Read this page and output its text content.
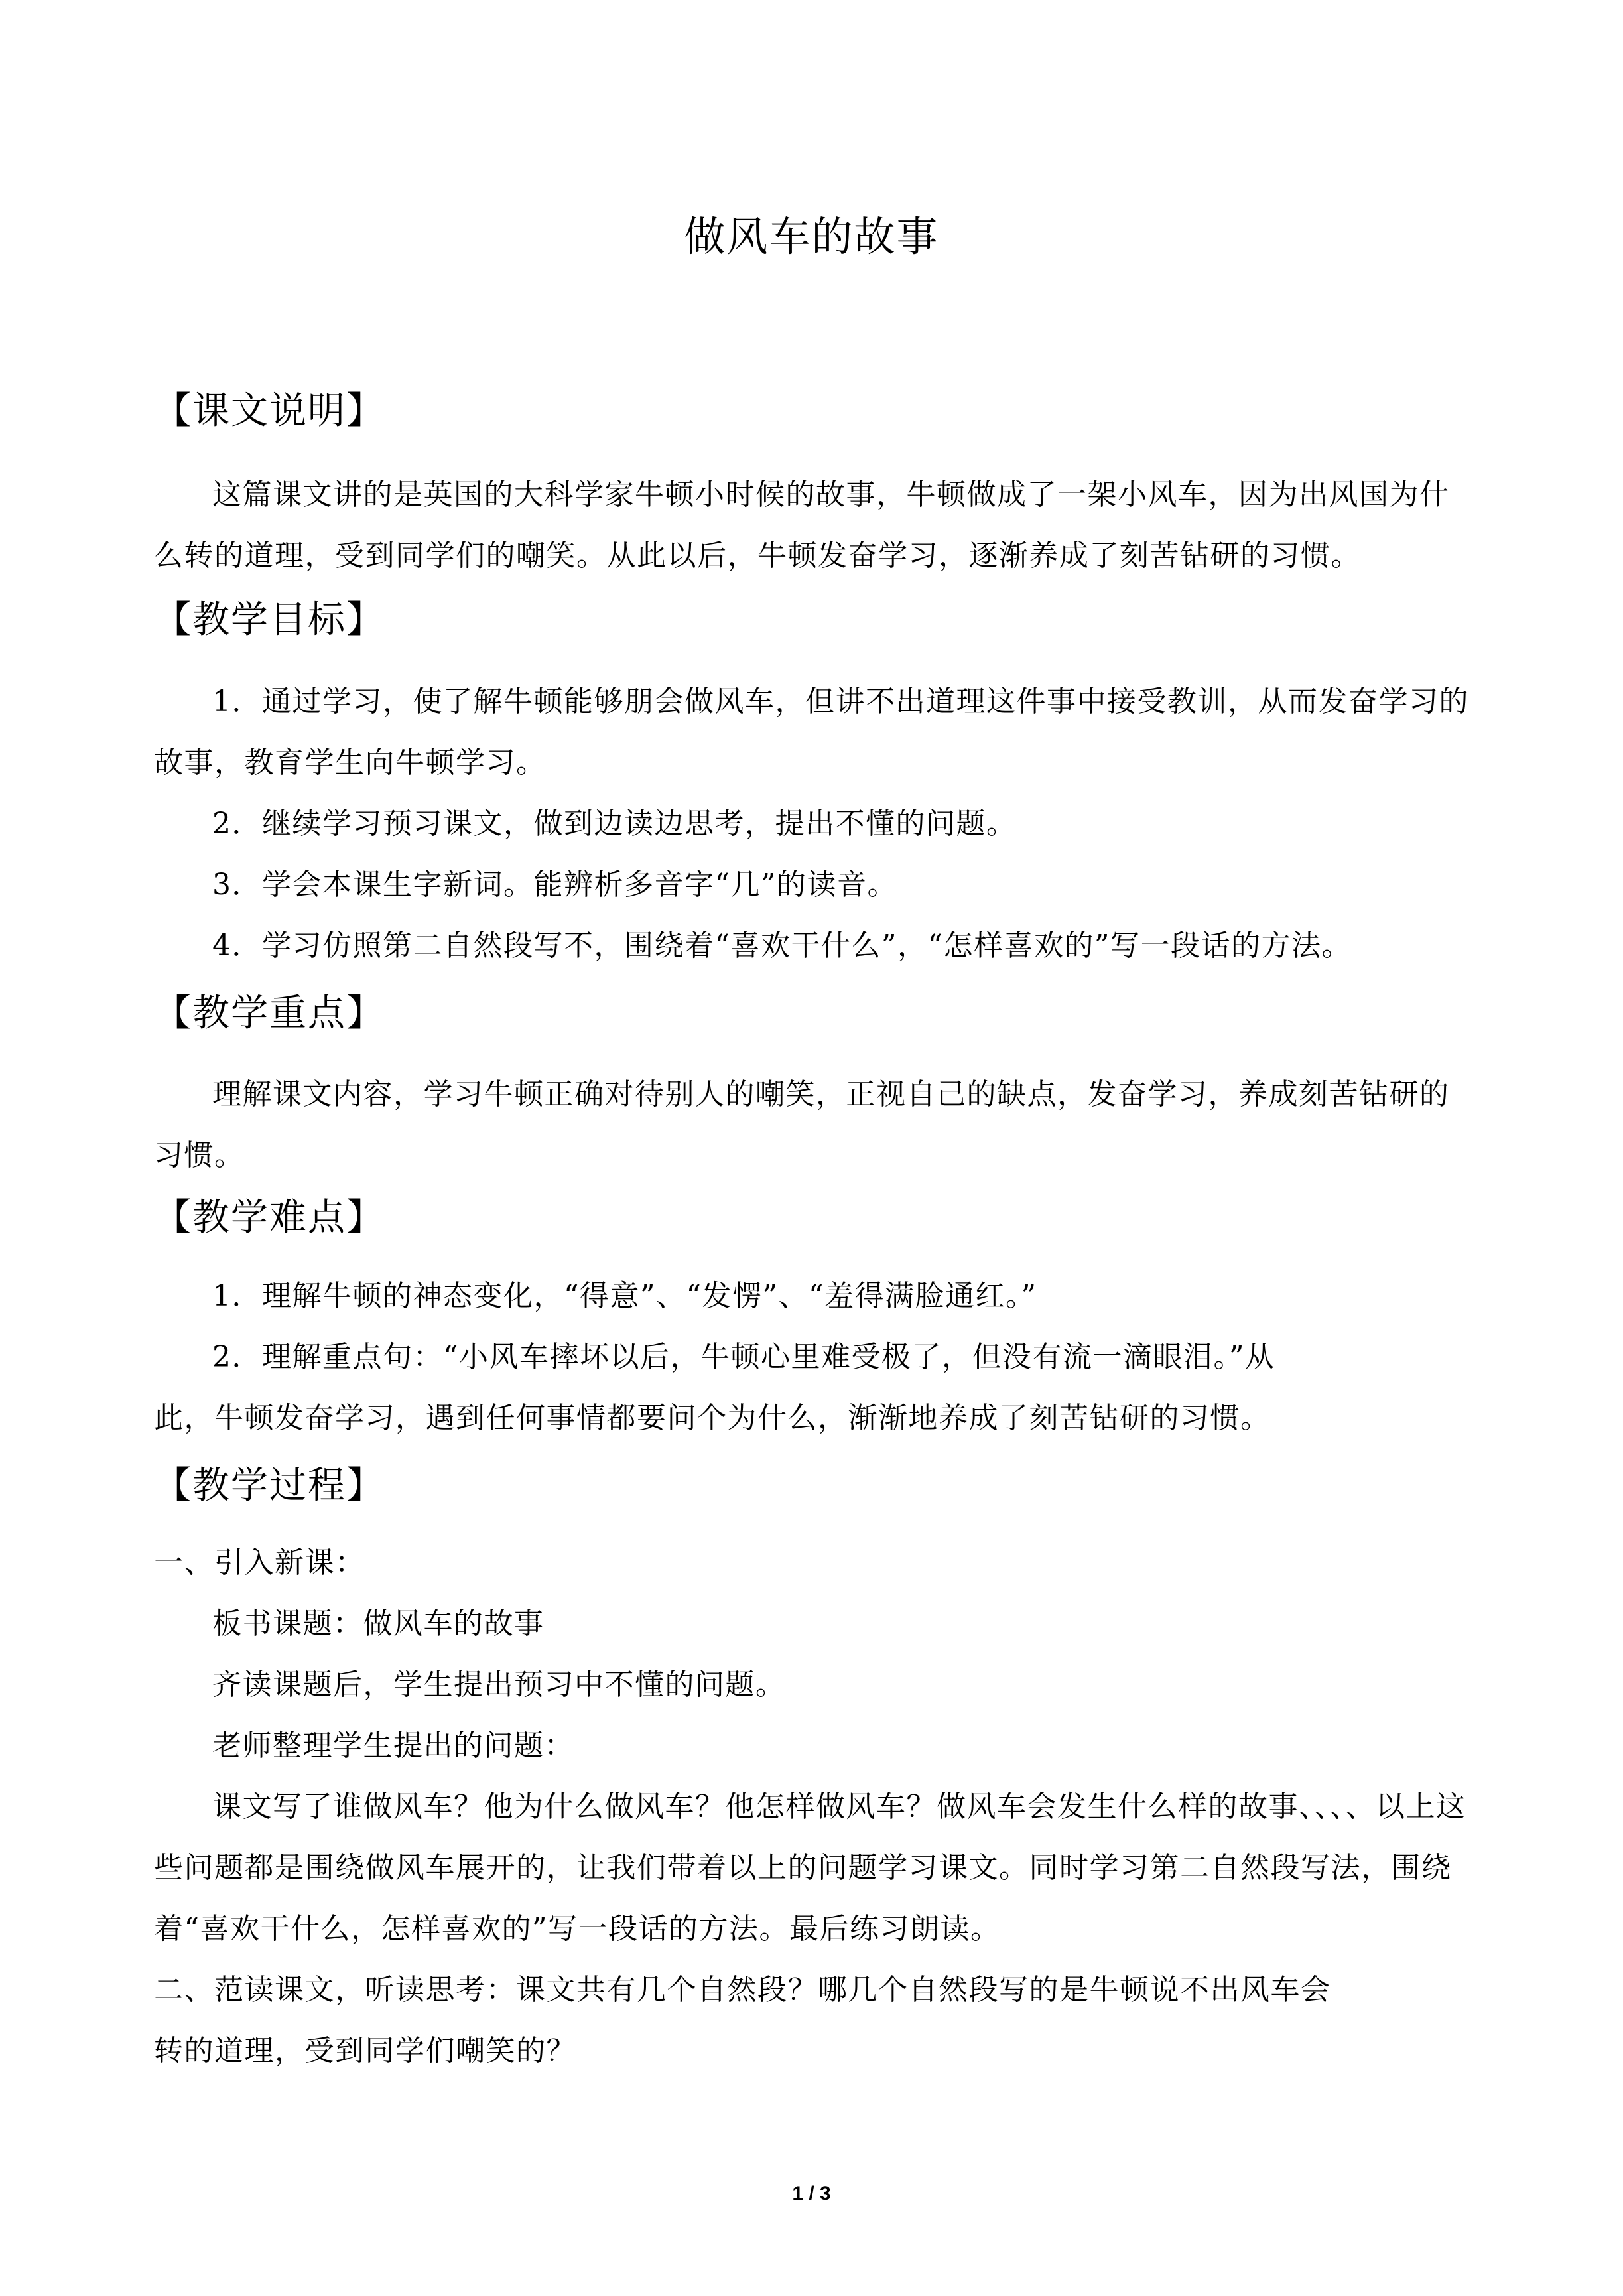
做风车的故事
【课文说明】

这篇课文讲的是英国的大科学家牛顿小时候的故事，牛顿做成了一架小风车，因为出风国为什么转的道理，受到同学们的嘲笑。从此以后，牛顿发奋学习，逐渐养成了刻苦钻研的习惯。

【教学目标】

1．通过学习，使了解牛顿能够朋会做风车，但讲不出道理这件事中接受教训，从而发奋学习的故事，教育学生向牛顿学习。

2．继续学习预习课文，做到边读边思考，提出不懂的问题。
3．学会本课生字新词。能辨析多音字“几”的读音。
4．学习仿照第二自然段写不，围绕着“喜欢干什么”，“怎样喜欢的”写一段话的方法。
【教学重点】

理解课文内容，学习牛顿正确对待别人的嘲笑，正视自己的缺点，发奋学习，养成刻苦钻研的习惯。

【教学难点】
1．理解牛顿的神态变化，“得意”、“发愣”、“羞得满脸通红。”
2．理解重点句：“小风车摔坏以后，牛顿心里难受极了，但没有流一滴眼泪。”从
此，牛顿发奋学习，遇到任何事情都要问个为什么，渐渐地养成了刻苦钻研的习惯。
【教学过程】
一、引入新课：
板书课题：做风车的故事
齐读课题后，学生提出预习中不懂的问题。
老师整理学生提出的问题：

课文写了谁做风车？他为什么做风车？他怎样做风车？做风车会发生什么样的故事、、、、以上这些问题都是围绕做风车展开的，让我们带着以上的问题学习课文。同时学习第二自然段写法，围绕着“喜欢干什么，怎样喜欢的”写一段话的方法。最后练习朗读。

二、范读课文，听读思考：课文共有几个自然段？哪几个自然段写的是牛顿说不出风车会
转的道理，受到同学们嘲笑的？
1 / 3
